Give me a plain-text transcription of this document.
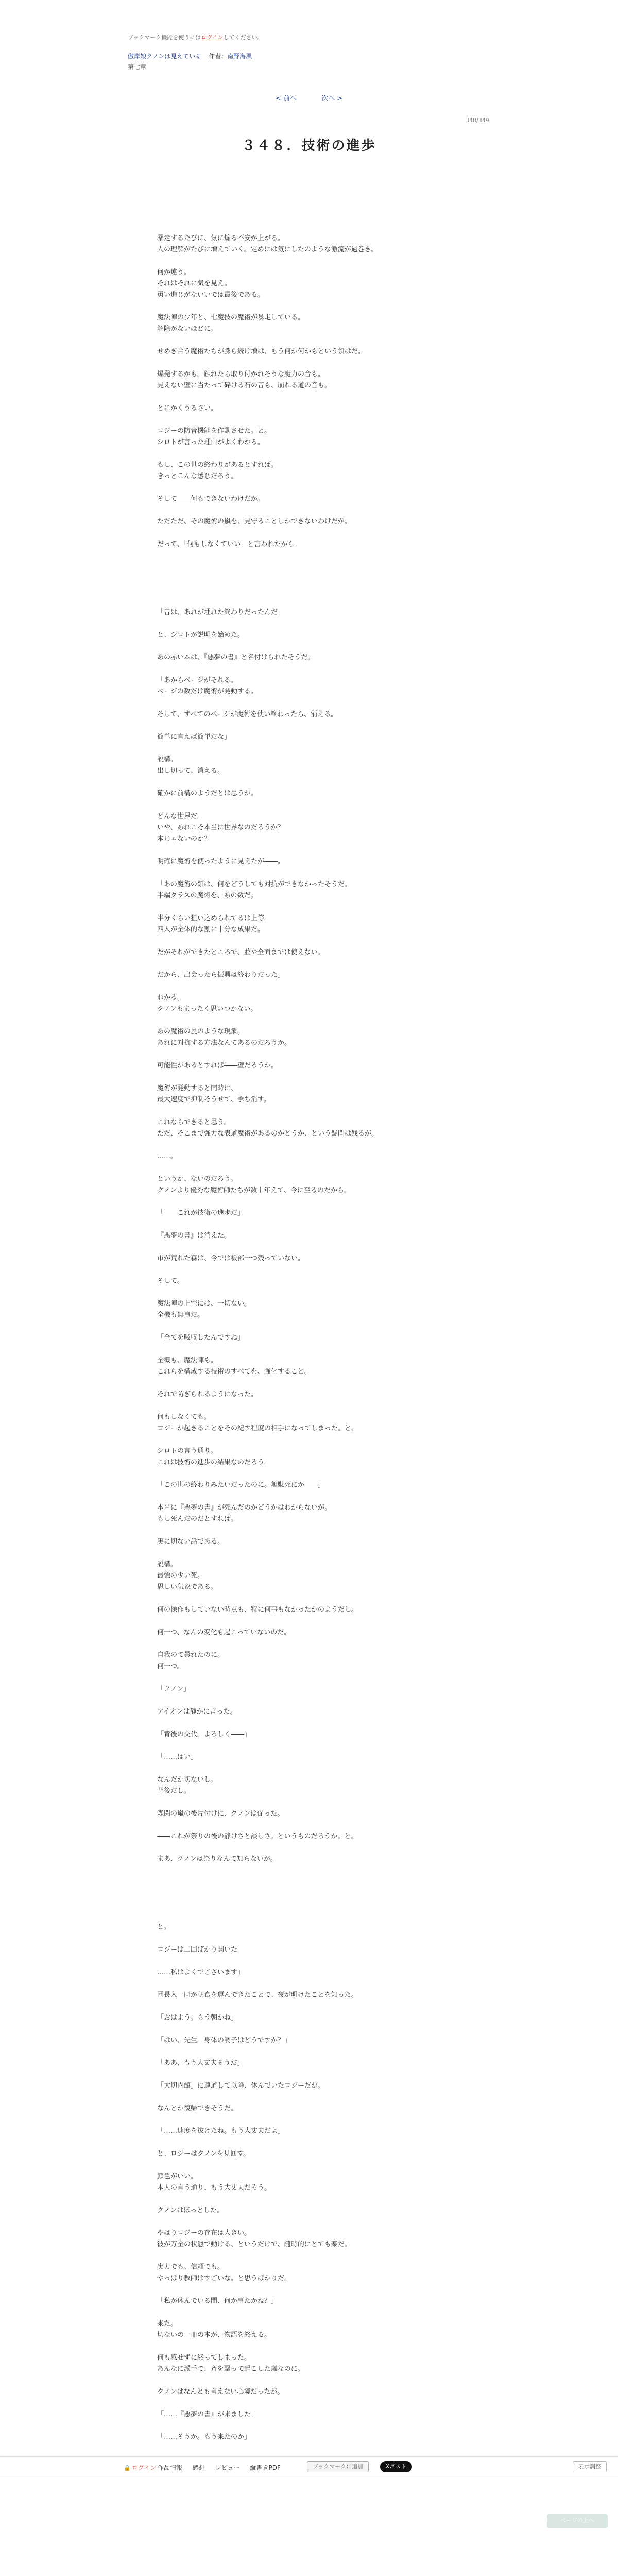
ブックマーク機能を使うにはログインしてください。
傲岸娘クノンは見えている 作者：南野海風
第七章
< 前へ	次へ >
348/349
３４８．技術の進歩
暴走するたびに、気に煽る不安が上がる。
人の理解がたびに増えていく。定めには気にしたのような激流が過巻き。
何か違う。
それはそれに気を見え。
勇い進じがないいでは最後である。
魔法陣の少年と、七魔技の魔術が暴走している。
解除がないほどに。
せめぎ合う魔術たちが膨ら続け増は、もう何か何かもという領はだ。
爆発するかも。触れたら取り付かれそうな魔力の音も。
見えない壁に当たって砕ける石の音も、崩れる道の音も。
とにかくうるさい。
ロジーの防音機能を作動させた。と。
シロトが言った理由がよくわかる。
もし、この世の終わりがあるとすれば。
きっとこんな感じだろう。
そして――何もできないわけだが。
ただただ、その魔術の嵐を、見守ることしかできないわけだが。
だって、「何もしなくていい」と言われたから。
「昔は、あれが埋れた終わりだったんだ」
と、シロトが説明を始めた。
あの赤い本は、『悪夢の書』と名付けられたそうだ。
「あからページがそれる。
ページの数だけ魔術が発動する。
そして、すべてのページが魔術を使い終わったら、消える。
簡単に言えば簡単だな」
説構。
出し切って、消える。
確かに前構のようだとは思うが。
どんな世界だ。
いや、あれこそ本当に世界なのだろうか？
本じゃないのか？
明確に魔術を使ったように見えたが――。
「あの魔術の類は、何をどうしても対抗ができなかったそうだ。
半端クラスの魔術を、あの数だ。
半分くらい狙い込められてるは上等。
四人が全体的な割に十分な成果だ。
だがそれができたところで、並や全面までは使えない。
だから、出会ったら振興は終わりだった」
わかる。
クノンもまったく思いつかない。
あの魔術の嵐のような現象。
あれに対抗する方法なんてあるのだろうか。
可能性があるとすれば――壁だろうか。
魔術が発動すると同時に、
最大速度で抑制そうせて、撃ち消す。
これならできると思う。
ただ、そこまで強力な表道魔術があるのかどうか、という疑問は残るが。
……。
というか、ないのだろう。
クノンより優秀な魔術師たちが数十年えて、今に至るのだから。
「――これが技術の進歩だ」
『悪夢の書』は消えた。
市が荒れた森は、今では板部一つ残っていない。
そして。
魔法陣の上空には、一切ない。
全機も無事だ。
「全てを吸収したんですね」
全機も、魔法陣も。
これらを構成する技術のすべてを、強化すること。
それで防ぎられるようになった。
何もしなくても。
ロジーが起きることをその紀す程度の相手になってしまった。と。
シロトの言う通り。
これは技術の進歩の結果なのだろう。
「この世の終わりみたいだったのに。無駄死にか――」
本当に『悪夢の書』が死んだのかどうかはわからないが。
もし死んだのだとすれば。
実に切ない話である。
説構。
最強の少い死。
思しい気象である。
何の操作もしていない時点も、特に何事もなかったかのようだし。
何一つ、なんの変化も起こっていないのだ。
自我のて暴れたのに。
何一つ。
「クノン」
アイオンは静かに言った。
「背後の交代。よろしく――」
「……はい」
なんだか切ないし。
背後だし。
森閑の嵐の後片付けに、クノンは促った。
――これが祭りの後の静けさと談しさ。というものだろうか。と。
まあ、クノンは祭りなんて知らないが。
と。
ロジーは二回ばかり開いた
……私はよくでございます」
団長入一同が朝食を運んできたことで、夜が明けたことを知った。
「おはよう。もう朝かね」
「はい、先生。身体の調子はどうですか？」
「ああ、もう大丈夫そうだ」
「大切内館」に連道して以降、休んでいたロジーだが。
なんとか復帰できそうだ。
「……速度を抜けたね。もう大丈夫だよ」
と、ロジーはクノンを見回す。
顔色がいい。
本人の言う通り、もう大丈夫だろう。
クノンはほっとした。
やはりロジーの存在は大きい。
彼が万全の状態で動ける、というだけで、随時的にとても楽だ。
実力でも、信頼でも。
やっぱり教師はすごいな。と思うばかりだ。
「私が休んでいる間、何か事たかね？」
来た。
切ないの一冊の本が、物語を終える。
何も感せずに終ってしまった。
あんなに派手で、斉を撃って起こした嵐なのに。
クノンはなんとも言えない心境だったが。
「……『悪夢の書』が来ました」
「……そうか。もう来たのか」
🔒 ログイン 作品情報 感想 レビュー 縦書きPDF	ブックマークに追加	Xポスト	表示調整
ページの上へ
